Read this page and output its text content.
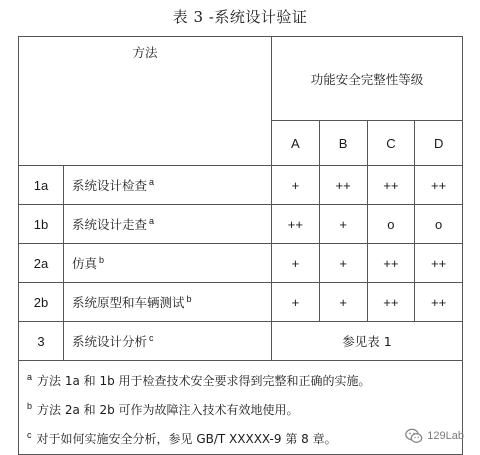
表 3 -系统设计验证
方法		功能安全完整性等级			
		A	B	C	D
1a	系统设计检查 $^a$	+	++	++	++
1b	系统设计走查 $^a$	++	+	o	o
2a	仿真 $^b$	+	+	++	++
2b	系统原型和车辆测试 $^b$	+	+	++	++
3	系统设计分析 $^c$	参见表 1			

$^a$ 方法 1a 和 1b 用于检查技术安全要求得到完整和正确的实施。
$^b$ 方法 2a 和 2b 可作为故障注入技术有效地使用。
$^c$ 对于如何实施安全分析，参见 GB/T XXXXX-9 第 8 章。						129Lab
